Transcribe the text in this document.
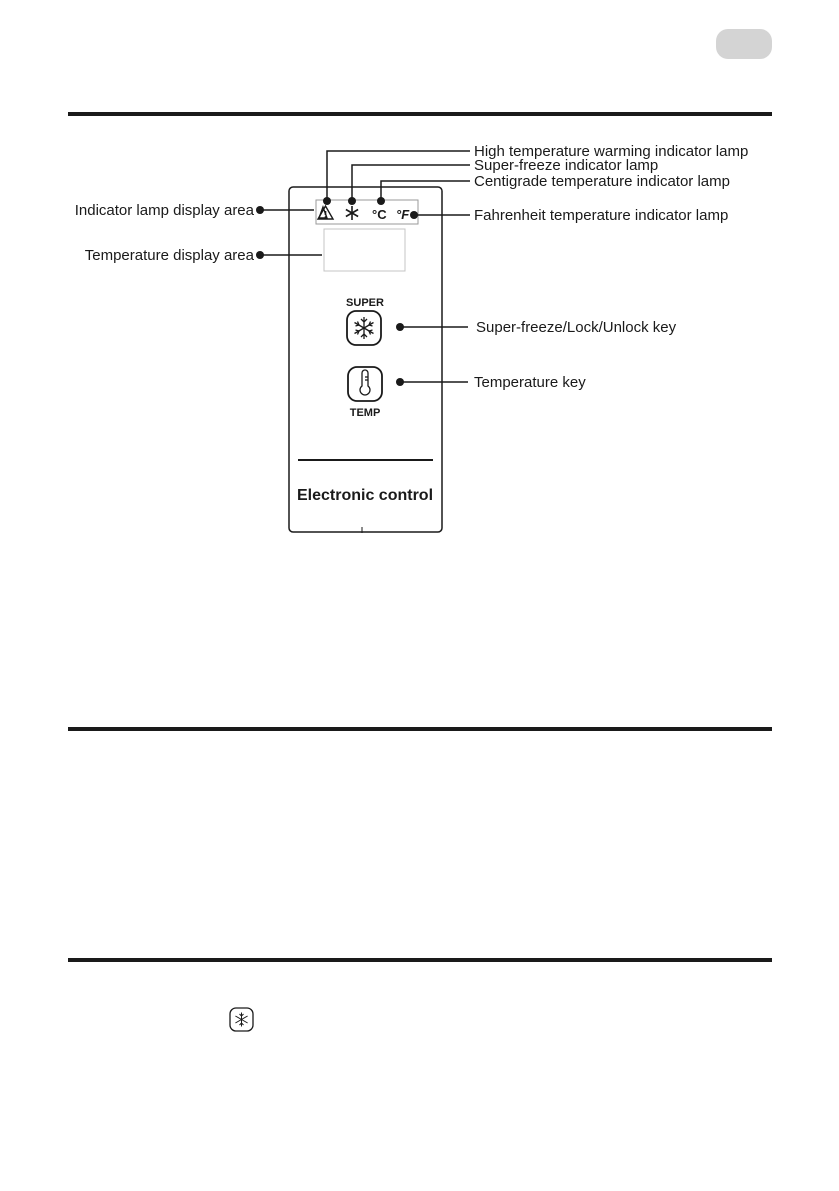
°C °F
SUPER
TEMP
Electronic control
High temperature warming indicator lamp
Super-freeze indicator lamp
Centigrade temperature indicator lamp
Fahrenheit temperature indicator lamp
Indicator lamp display area
Temperature display area
Super-freeze/Lock/Unlock key
Temperature key
